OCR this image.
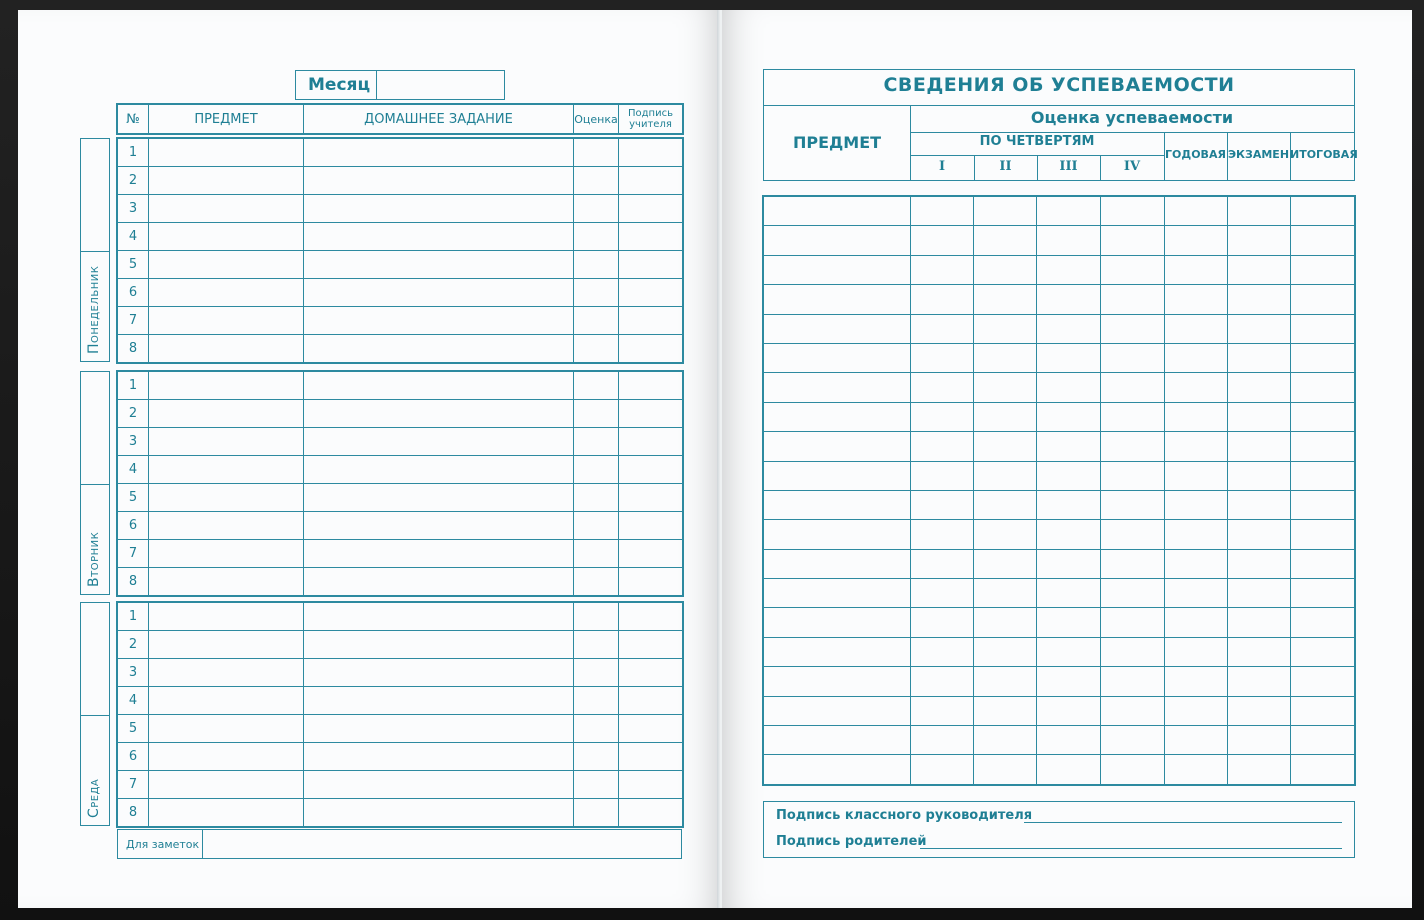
Месяц
№	ПРЕДМЕТ	ДОМАШНЕЕ ЗАДАНИЕ	Оценка	Подпись
учителя
Понедельник
1				
2				
3				
4				
5				
6				
7				
8				
Вторник
1				
2				
3				
4				
5				
6				
7				
8				
Среда
1				
2				
3				
4				
5				
6				
7				
8				
Для заметок
СВЕДЕНИЯ ОБ УСПЕВАЕМОСТИ
ПРЕДМЕТ
Оценка успеваемости
ПО ЧЕТВЕРТЯМ
I	II	III	IV
ГОДОВАЯ ЭКЗАМЕН ИТОГОВАЯ

Подпись классного руководителя
Подпись родителей
